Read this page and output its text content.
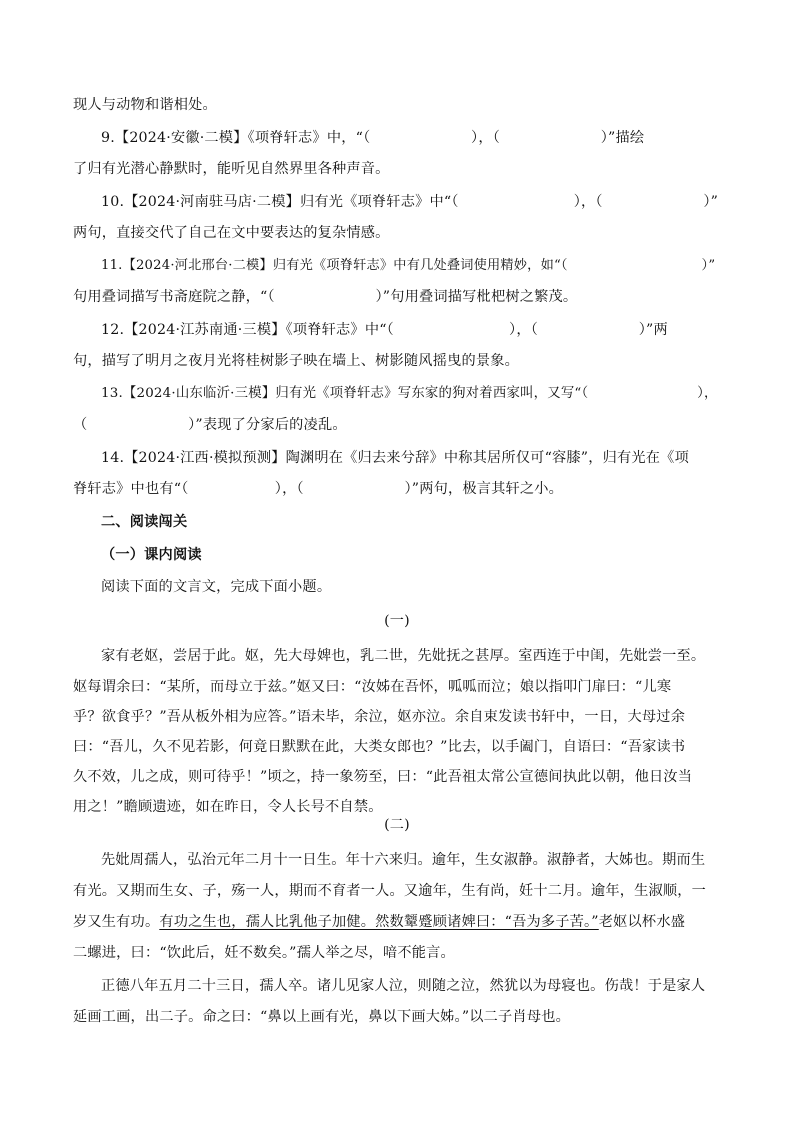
现人与动物和谐相处。
9.【2024·安徽·二模】《项脊轩志》中，“（　　　　　　　），（　　　　　　　）”描绘
了归有光潜心静默时，能听见自然界里各种声音。
10.【2024·河南驻马店·二模】归有光《项脊轩志》中“（　　　　　　　　），（　　　　　　　）”
两句，直接交代了自己在文中要表达的复杂情感。
11.【2024·河北邢台·二模】归有光《项脊轩志》中有几处叠词使用精妙，如“（　　　　　　　　　　）”
句用叠词描写书斋庭院之静，“（　　　　　　　）”句用叠词描写枇杷树之繁茂。
12.【2024·江苏南通·三模】《项脊轩志》中“（　　　　　　　　），（　　　　　　　）”两
句，描写了明月之夜月光将桂树影子映在墙上、树影随风摇曳的景象。
13.【2024·山东临沂·三模】归有光《项脊轩志》写东家的狗对着西家叫，又写“（　　　　　　　　），
（　　　　　　　）”表现了分家后的凌乱。
14.【2024·江西·模拟预测】陶渊明在《归去来兮辞》中称其居所仅可“容膝”，归有光在《项
脊轩志》中也有“（　　　　　　），（　　　　　　　）”两句，极言其轩之小。
二、阅读闯关
（一）课内阅读
阅读下面的文言文，完成下面小题。
(一)
家有老妪，尝居于此。妪，先大母婢也，乳二世，先妣抚之甚厚。室西连于中闺，先妣尝一至。
妪每谓余曰：“某所，而母立于兹。”妪又曰：“汝姊在吾怀，呱呱而泣；娘以指叩门扉曰：“儿寒
乎？欲食乎？”吾从板外相为应答。”语未毕，余泣，妪亦泣。余自束发读书轩中，一日，大母过余
曰：“吾儿，久不见若影，何竟日默默在此，大类女郎也？”比去，以手阖门，自语曰：“吾家读书
久不效，儿之成，则可待乎！”顷之，持一象笏至，曰：“此吾祖太常公宣德间执此以朝，他日汝当
用之！”瞻顾遗迹，如在昨日，令人长号不自禁。
(二)
先妣周孺人，弘治元年二月十一日生。年十六来归。逾年，生女淑静。淑静者，大姊也。期而生
有光。又期而生女、子，殇一人，期而不育者一人。又逾年，生有尚，妊十二月。逾年，生淑顺，一
岁又生有功。有功之生也，孺人比乳他子加健。然数颦蹙顾诸婢曰：“吾为多子苦。”老妪以杯水盛
二螺进，曰：“饮此后，妊不数矣。”孺人举之尽，喑不能言。
正德八年五月二十三日，孺人卒。诸儿见家人泣，则随之泣，然犹以为母寝也。伤哉！于是家人
延画工画，出二子。命之曰：“鼻以上画有光，鼻以下画大姊。”以二子肖母也。
